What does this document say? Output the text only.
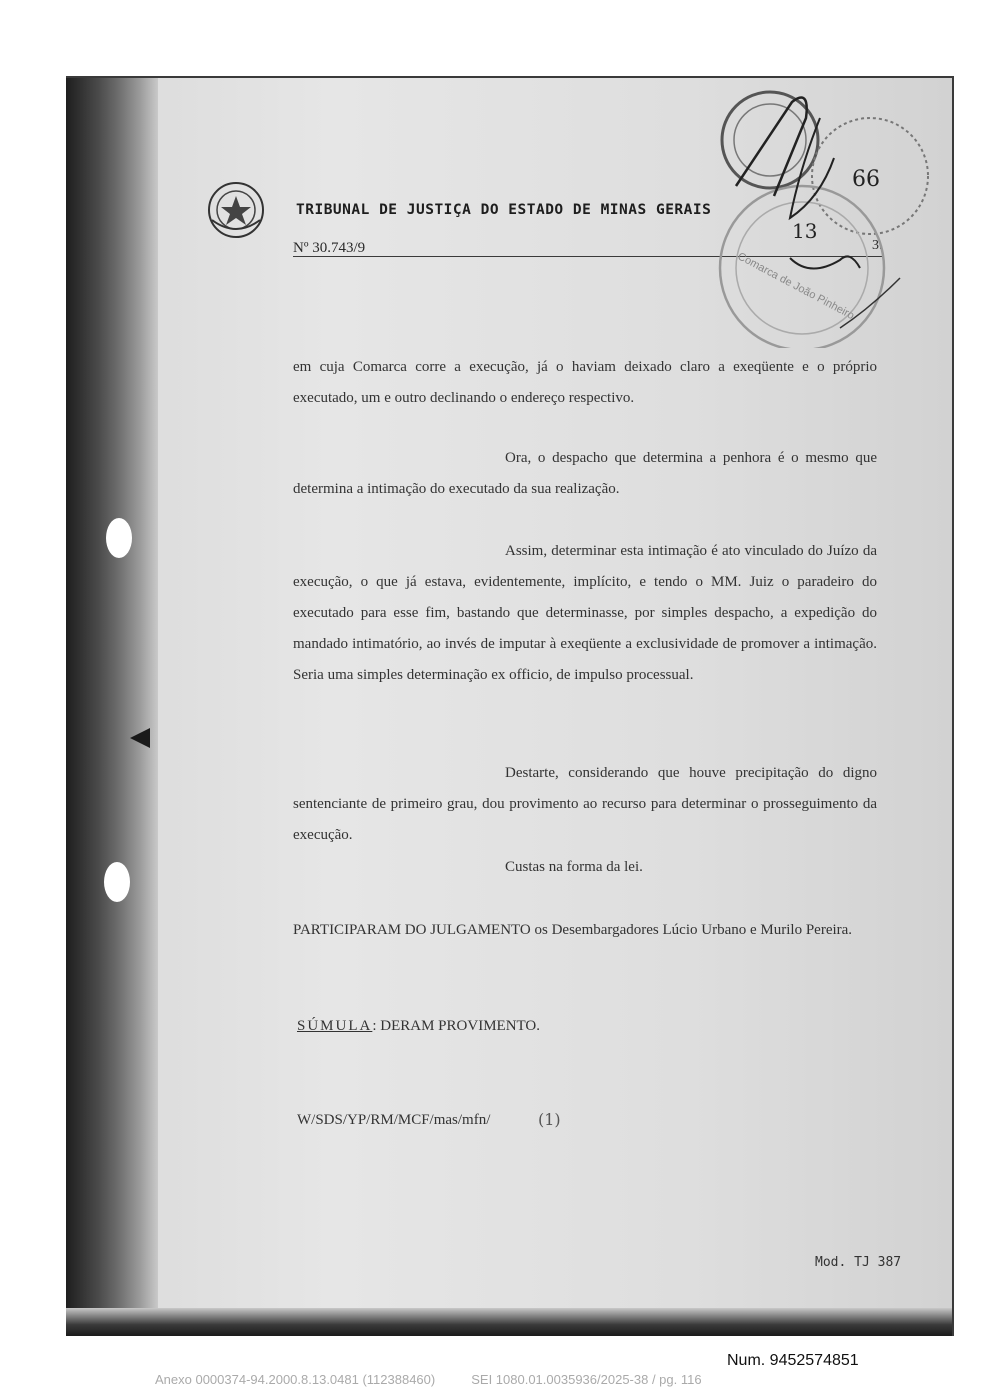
TRIBUNAL DE JUSTIÇA DO ESTADO DE MINAS GERAIS
Nº 30.743/9	3.
66
13
Comarca de João Pinheiro
em cuja Comarca corre a execução, já o haviam deixado claro a exeqüente e o próprio executado, um e outro declinando o endereço respectivo.
Ora, o despacho que determina a penhora é o mesmo que determina a intimação do executado da sua realização.
Assim, determinar esta intimação é ato vinculado do Juízo da execução, o que já estava, evidentemente, implícito, e tendo o MM. Juiz o paradeiro do executado para esse fim, bastando que determinasse, por simples despacho, a expedição do mandado intimatório, ao invés de imputar à exeqüente a exclusividade de promover a intimação. Seria uma simples determinação ex officio, de impulso processual.
Destarte, considerando que houve precipitação do digno sentenciante de primeiro grau, dou provimento ao recurso para determinar o prosseguimento da execução.
Custas na forma da lei.
PARTICIPARAM DO JULGAMENTO os Desembargadores Lúcio Urbano e Murilo Pereira.
SÚMULA: DERAM PROVIMENTO.
W/SDS/YP/RM/MCF/mas/mfn/	(1)
Mod. TJ 387
Num. 9452574851
Anexo 0000374-94.2000.8.13.0481 (112388460)	SEI 1080.01.0035936/2025-38 / pg. 116
